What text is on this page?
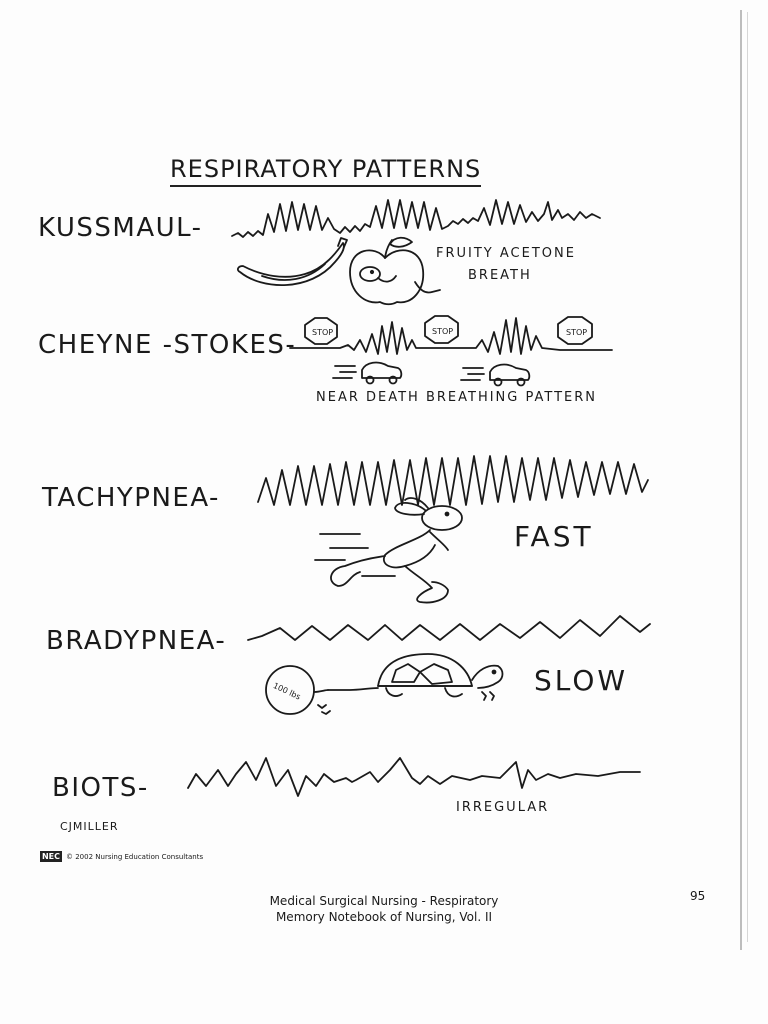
RESPIRATORY PATTERNS
KUSSMAUL-
CHEYNE -STOKES-
TACHYPNEA-
BRADYPNEA-
BIOTS-
FRUITY ACETONE
BREATH
NEAR DEATH BREATHING PATTERN
FAST
SLOW
IRREGULAR
CJMILLER
NEC © 2002 Nursing Education Consultants
Medical Surgical Nursing - Respiratory
Memory Notebook of Nursing, Vol. II
95
STOP	STOP	STOP
100 lbs
